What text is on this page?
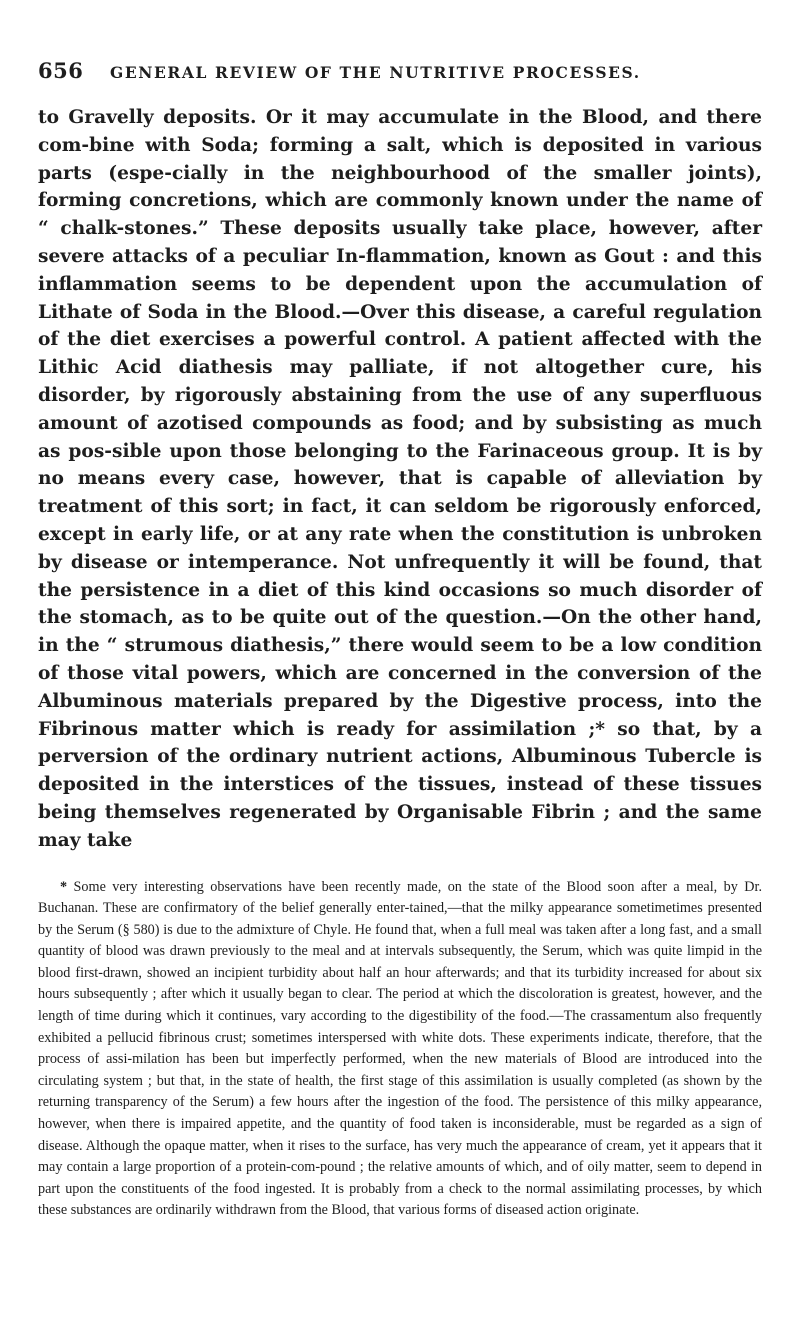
656 GENERAL REVIEW OF THE NUTRITIVE PROCESSES.

to Gravelly deposits. Or it may accumulate in the Blood, and there com-bine with Soda; forming a salt, which is deposited in various parts (espe-cially in the neighbourhood of the smaller joints), forming concretions, which are commonly known under the name of “ chalk-stones.” These deposits usually take place, however, after severe attacks of a peculiar In-flammation, known as Gout : and this inflammation seems to be dependent upon the accumulation of Lithate of Soda in the Blood.—Over this disease, a careful regulation of the diet exercises a powerful control. A patient affected with the Lithic Acid diathesis may palliate, if not altogether cure, his disorder, by rigorously abstaining from the use of any superfluous amount of azotised compounds as food; and by subsisting as much as pos-sible upon those belonging to the Farinaceous group. It is by no means every case, however, that is capable of alleviation by treatment of this sort; in fact, it can seldom be rigorously enforced, except in early life, or at any rate when the constitution is unbroken by disease or intemperance. Not unfrequently it will be found, that the persistence in a diet of this kind occasions so much disorder of the stomach, as to be quite out of the question.—On the other hand, in the “ strumous diathesis,” there would seem to be a low condition of those vital powers, which are concerned in the conversion of the Albuminous materials prepared by the Digestive process, into the Fibrinous matter which is ready for assimilation ;* so that, by a perversion of the ordinary nutrient actions, Albuminous Tubercle is deposited in the interstices of the tissues, instead of these tissues being themselves regenerated by Organisable Fibrin ; and the same may take

* Some very interesting observations have been recently made, on the state of the Blood soon after a meal, by Dr. Buchanan. These are confirmatory of the belief generally enter-tained,—that the milky appearance sometimetimes presented by the Serum (§ 580) is due to the admixture of Chyle. He found that, when a full meal was taken after a long fast, and a small quantity of blood was drawn previously to the meal and at intervals subsequently, the Serum, which was quite limpid in the blood first-drawn, showed an incipient turbidity about half an hour afterwards; and that its turbidity increased for about six hours subsequently ; after which it usually began to clear. The period at which the discoloration is greatest, however, and the length of time during which it continues, vary according to the digestibility of the food.—The crassamentum also frequently exhibited a pellucid fibrinous crust; sometimes interspersed with white dots. These experiments indicate, therefore, that the process of assi-milation has been but imperfectly performed, when the new materials of Blood are introduced into the circulating system ; but that, in the state of health, the first stage of this assimilation is usually completed (as shown by the returning transparency of the Serum) a few hours after the ingestion of the food. The persistence of this milky appearance, however, when there is impaired appetite, and the quantity of food taken is inconsiderable, must be regarded as a sign of disease. Although the opaque matter, when it rises to the surface, has very much the appearance of cream, yet it appears that it may contain a large proportion of a protein-com-pound ; the relative amounts of which, and of oily matter, seem to depend in part upon the constituents of the food ingested. It is probably from a check to the normal assimilating processes, by which these substances are ordinarily withdrawn from the Blood, that various forms of diseased action originate.
